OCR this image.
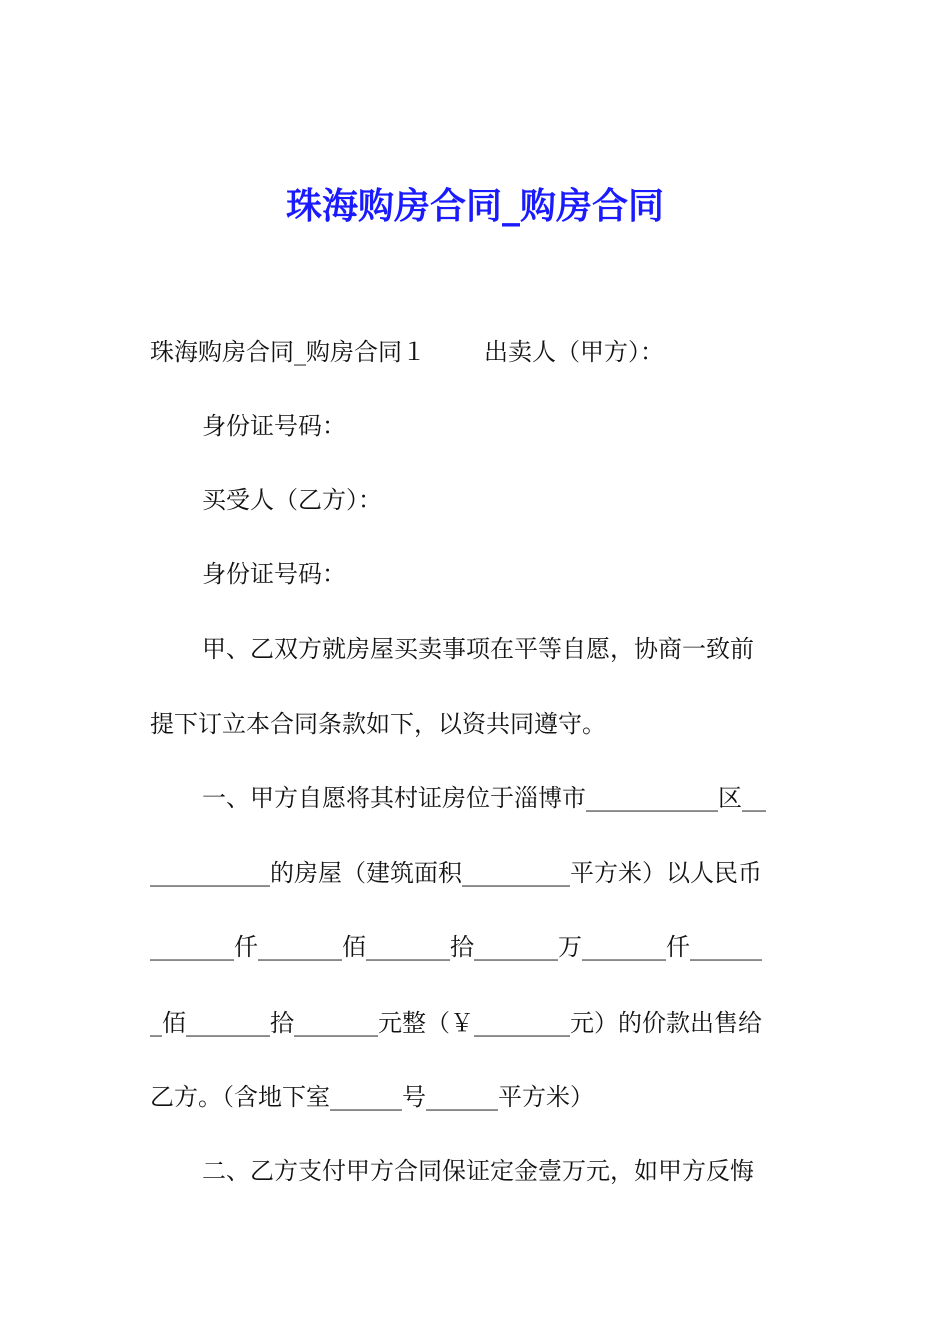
珠海购房合同_购房合同
珠海购房合同_购房合同１ 出卖人（甲方）：
身份证号码：
买受人（乙方）：
身份证号码：
甲、乙双方就房屋买卖事项在平等自愿，协商一致前
提下订立本合同条款如下，以资共同遵守。
一、甲方自愿将其村证房位于淄博市___________区__
__________的房屋（建筑面积_________平方米）以人民币
_______仟_______佰_______拾_______万_______仟______
_佰_______拾_______元整（￥________元）的价款出售给
乙方。（含地下室______号______平方米）
二、乙方支付甲方合同保证定金壹万元，如甲方反悔
